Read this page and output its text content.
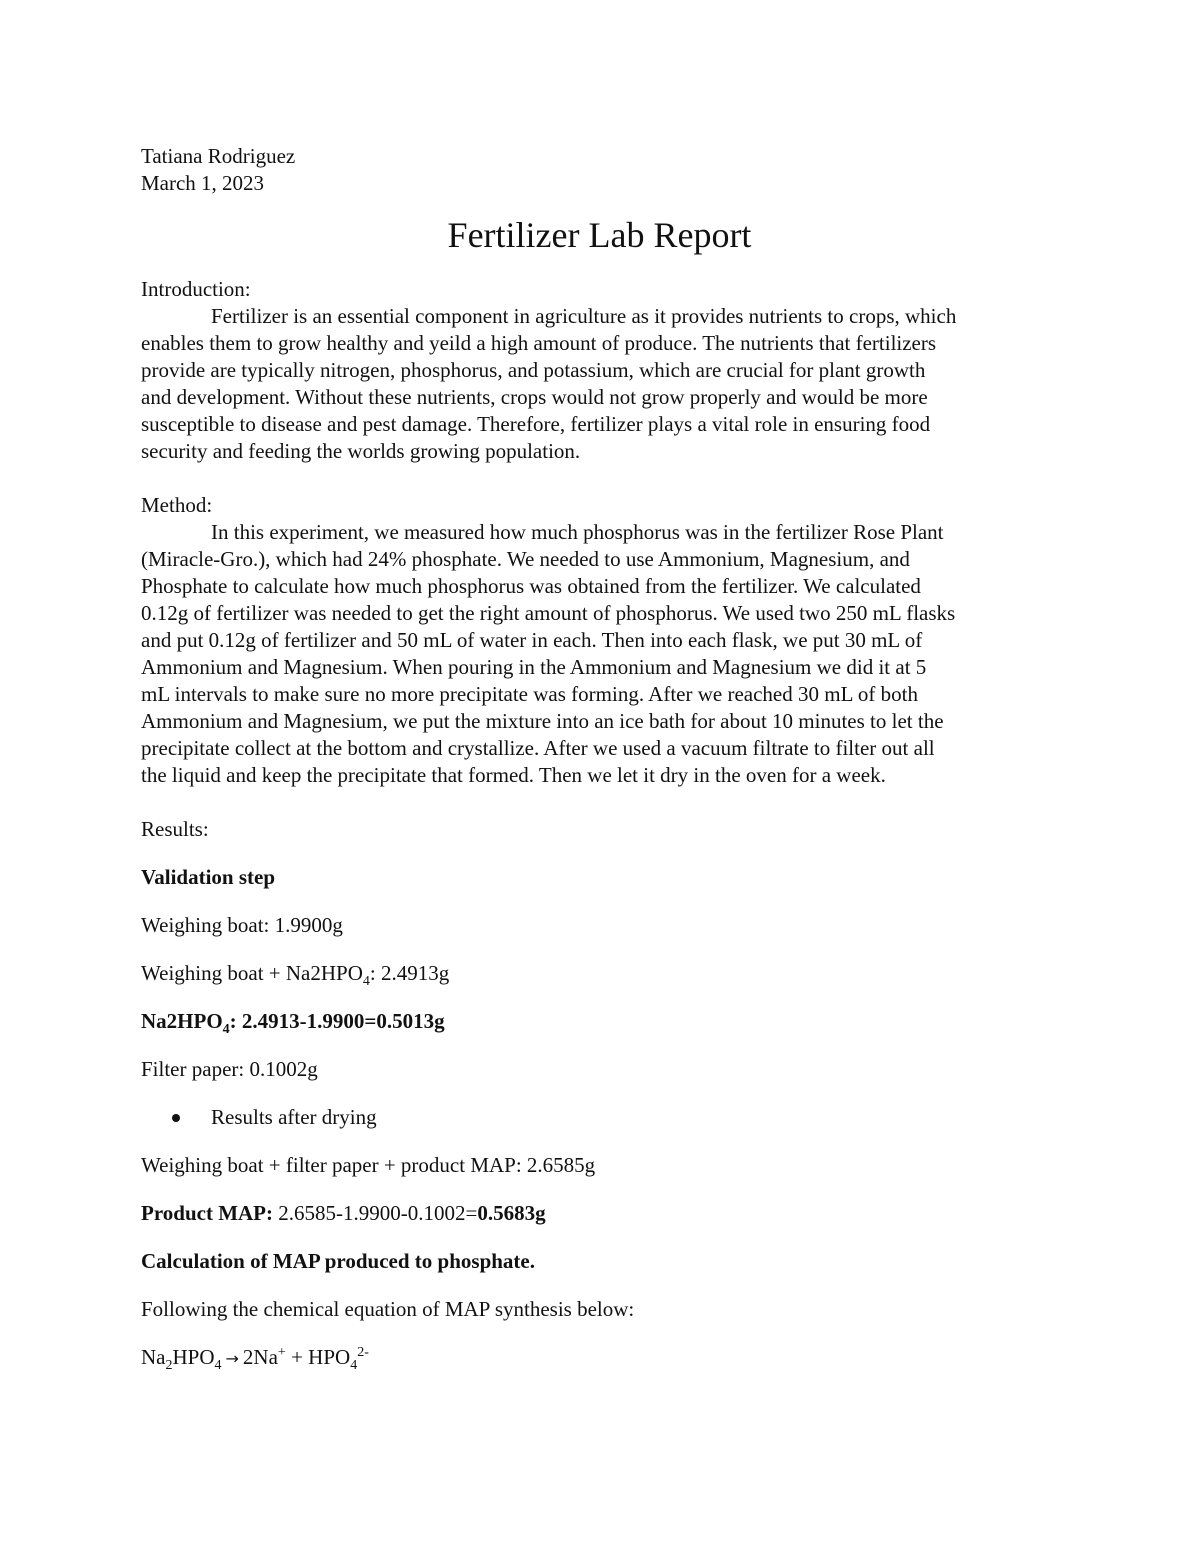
Tatiana Rodriguez
March 1, 2023
Fertilizer Lab Report
Introduction:
Fertilizer is an essential component in agriculture as it provides nutrients to crops, which
enables them to grow healthy and yeild a high amount of produce. The nutrients that fertilizers
provide are typically nitrogen, phosphorus, and potassium, which are crucial for plant growth
and development. Without these nutrients, crops would not grow properly and would be more
susceptible to disease and pest damage. Therefore, fertilizer plays a vital role in ensuring food
security and feeding the worlds growing population.
Method:
In this experiment, we measured how much phosphorus was in the fertilizer Rose Plant
(Miracle-Gro.), which had 24% phosphate. We needed to use Ammonium, Magnesium, and
Phosphate to calculate how much phosphorus was obtained from the fertilizer. We calculated
0.12g of fertilizer was needed to get the right amount of phosphorus. We used two 250 mL flasks
and put 0.12g of fertilizer and 50 mL of water in each. Then into each flask, we put 30 mL of
Ammonium and Magnesium. When pouring in the Ammonium and Magnesium we did it at 5
mL intervals to make sure no more precipitate was forming. After we reached 30 mL of both
Ammonium and Magnesium, we put the mixture into an ice bath for about 10 minutes to let the
precipitate collect at the bottom and crystallize. After we used a vacuum filtrate to filter out all
the liquid and keep the precipitate that formed. Then we let it dry in the oven for a week.

Results:

Validation step

Weighing boat: 1.9900g

Weighing boat + $Na2HPO_4$: 2.4913g

$Na2HPO_4$: 2.4913-1.9900=0.5013g

Filter paper: 0.1002g

Results after drying

Weighing boat + filter paper + product MAP: 2.6585g

Product MAP: 2.6585-1.9900-0.1002=0.5683g

Calculation of MAP produced to phosphate.

Following the chemical equation of MAP synthesis below:

$Na_2HPO_4 \to 2Na^+ + HPO_4^{2-}$
